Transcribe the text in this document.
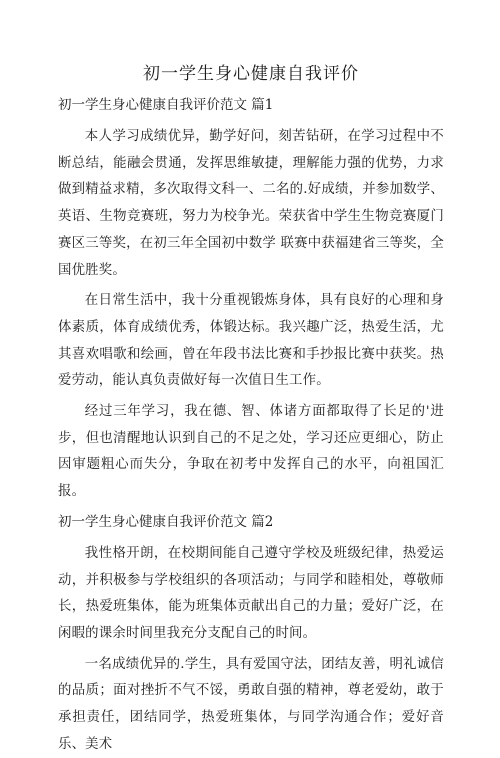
初一学生身心健康自我评价
初一学生身心健康自我评价范文 篇1

本人学习成绩优异，勤学好问，刻苦钻研，在学习过程中不断总结，能融会贯通，发挥思维敏捷，理解能力强的优势，力求做到精益求精，多次取得文科一、二名的.好成绩，并参加数学、英语、生物竞赛班，努力为校争光。荣获省中学生生物竞赛厦门赛区三等奖，在初三年全国初中数学 联赛中获福建省三等奖，全国优胜奖。

在日常生活中，我十分重视锻炼身体，具有良好的心理和身体素质，体育成绩优秀，体锻达标。我兴趣广泛，热爱生活，尤其喜欢唱歌和绘画，曾在年段书法比赛和手抄报比赛中获奖。热爱劳动，能认真负责做好每一次值日生工作。

经过三年学习，我在德、智、体诸方面都取得了长足的'进步，但也清醒地认识到自己的不足之处，学习还应更细心，防止因审题粗心而失分，争取在初考中发挥自己的水平，向祖国汇报。

初一学生身心健康自我评价范文 篇2

我性格开朗，在校期间能自己遵守学校及班级纪律，热爱运动，并积极参与学校组织的各项活动；与同学和睦相处，尊敬师长，热爱班集体，能为班集体贡献出自己的力量；爱好广泛，在闲暇的课余时间里我充分支配自己的时间。

一名成绩优异的.学生，具有爱国守法，团结友善，明礼诚信的品质；面对挫折不气不馁，勇敢自强的精神，尊老爱幼，敢于承担责任，团结同学，热爱班集体，与同学沟通合作；爱好音乐、美术
